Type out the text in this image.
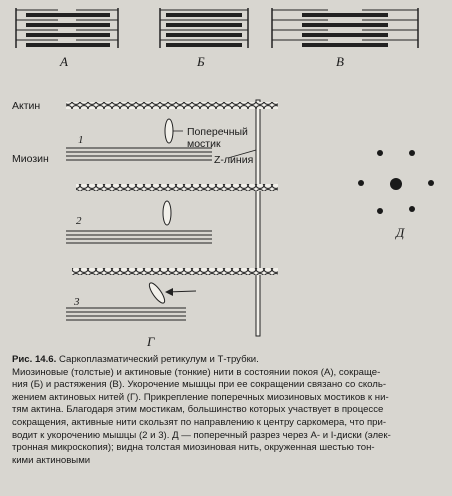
А	Б	В
Актин
Миозин
Поперечный
мостик
Z-линия
1
2
3
Г
Д

Рис. 14.6. Саркоплазматический ретикулум и Т-трубки.

Миозиновые (толстые) и актиновые (тонкие) нити в состоянии покоя (А), сокраще-

ния (Б) и растяжения (В). Укорочение мышцы при ее сокращении связано со сколь-

жением актиновых нитей (Г). Прикрепление поперечных миозиновых мостиков к ни-

тям актина. Благодаря этим мостикам, большинство которых участвует в процессе

сокращения, активные нити скользят по направлению к центру саркомера, что при-

водит к укорочению мышцы (2 и 3). Д — поперечный разрез через А- и I-диски (элек-

тронная микроскопия); видна толстая миозиновая нить, окруженная шестью тон-

кими актиновыми
